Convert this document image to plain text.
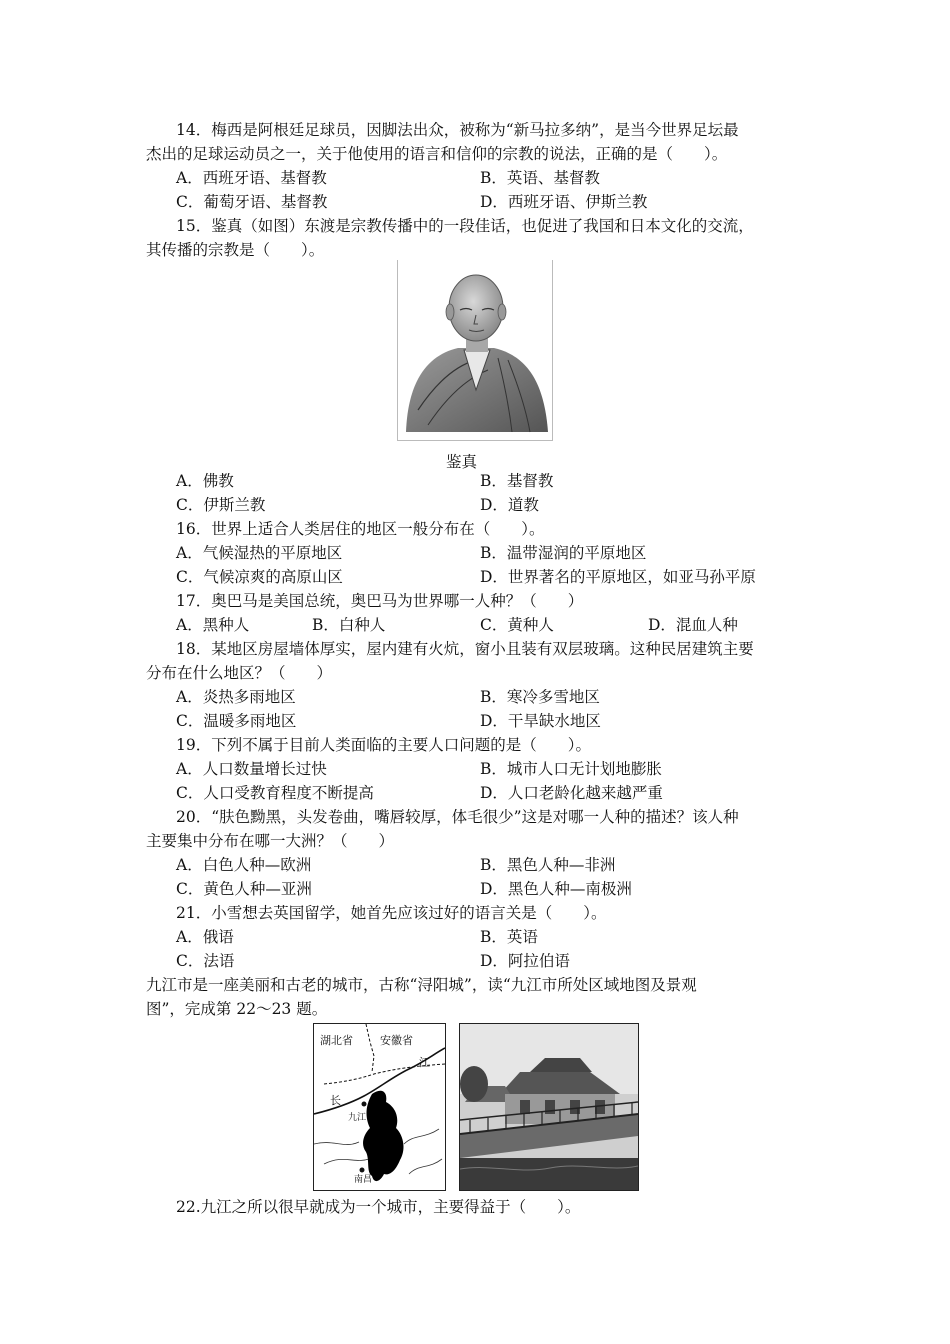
14．梅西是阿根廷足球员，因脚法出众，被称为“新马拉多纳”，是当今世界足坛最
杰出的足球运动员之一，关于他使用的语言和信仰的宗教的说法，正确的是（　　）。
A．西班牙语、基督教	B．英语、基督教
C．葡萄牙语、基督教	D．西班牙语、伊斯兰教
15．鉴真（如图）东渡是宗教传播中的一段佳话，也促进了我国和日本文化的交流，
其传播的宗教是（　　）。
鉴真
A．佛教	B．基督教
C．伊斯兰教	D．道教
16．世界上适合人类居住的地区一般分布在（　　）。
A．气候湿热的平原地区	B．温带湿润的平原地区
C．气候凉爽的高原山区	D．世界著名的平原地区，如亚马孙平原
17．奥巴马是美国总统，奥巴马为世界哪一人种？（　　）
A．黑种人	B．白种人	C．黄种人	D．混血人种
18．某地区房屋墙体厚实，屋内建有火炕，窗小且装有双层玻璃。这种民居建筑主要
分布在什么地区？（　　）
A．炎热多雨地区	B．寒冷多雪地区
C．温暖多雨地区	D．干旱缺水地区
19．下列不属于目前人类面临的主要人口问题的是（　　）。
A．人口数量增长过快	B．城市人口无计划地膨胀
C．人口受教育程度不断提高	D．人口老龄化越来越严重
20．“肤色黝黑，头发卷曲，嘴唇较厚，体毛很少”这是对哪一人种的描述？该人种
主要集中分布在哪一大洲？（　　）
A．白色人种—欧洲	B．黑色人种—非洲
C．黄色人种—亚洲	D．黑色人种—南极洲
21．小雪想去英国留学，她首先应该过好的语言关是（　　）。
A．俄语	B．英语
C．法语	D．阿拉伯语
九江市是一座美丽和古老的城市，古称“浔阳城”，读“九江市所处区域地图及景观
图”，完成第 22～23 题。
湖北省 安徽省
江
长
九江
南昌
22.九江之所以很早就成为一个城市，主要得益于（　　）。
